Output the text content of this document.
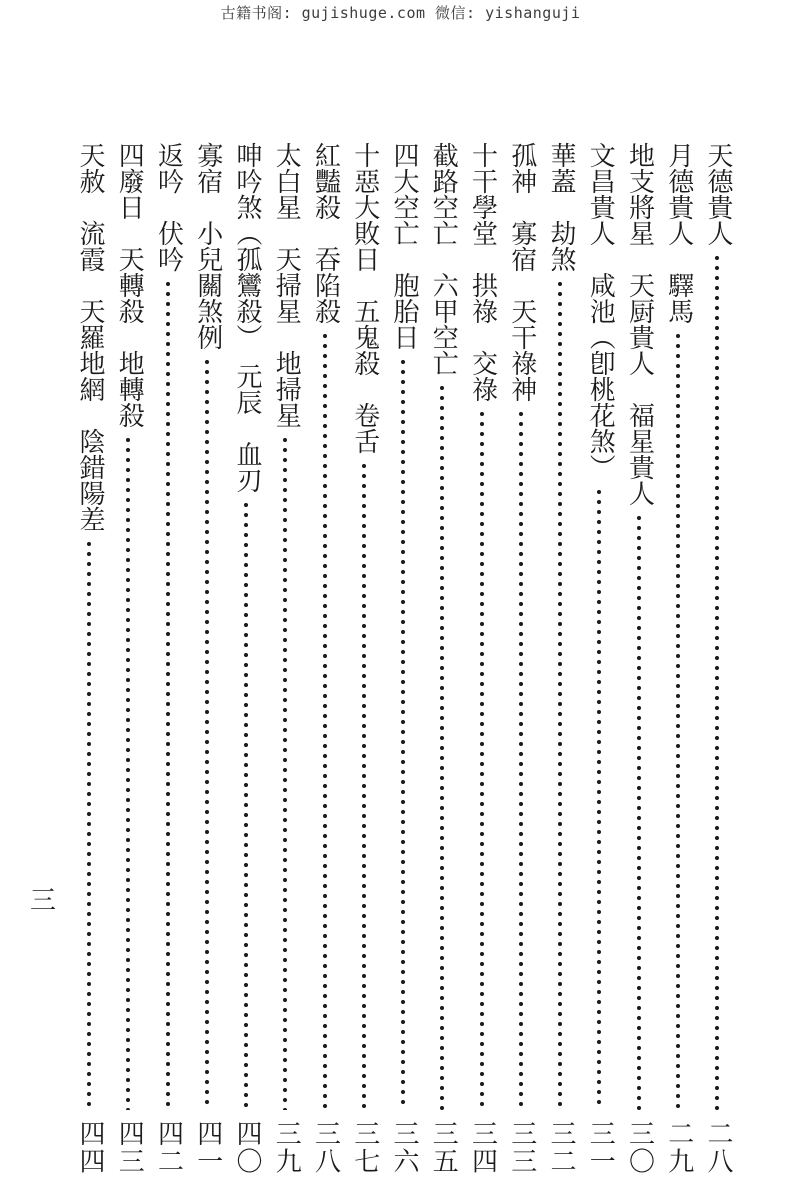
古籍书阁: gujishuge.com 微信: yishanguji
天德貴人
二八
月德貴人　驛馬
二九
地支將星　天厨貴人　福星貴人
三〇
文昌貴人　咸池（卽桃花煞）
三一
華蓋　劫煞
三二
孤神　寡宿　天干祿神
三三
十干學堂　拱祿　交祿
三四
截路空亡　六甲空亡
三五
四大空亡　胞胎日
三六
十惡大敗日　五鬼殺　卷舌
三七
紅豔殺　吞陷殺
三八
太白星　天掃星　地掃星
三九
呻吟煞（孤鸞殺）　元辰　血刃
四〇
寡宿　小兒關煞例
四一
返吟　伏吟
四二
四廢日　天轉殺　地轉殺
四三
天赦　流霞　天羅地網　陰錯陽差
四四
三
